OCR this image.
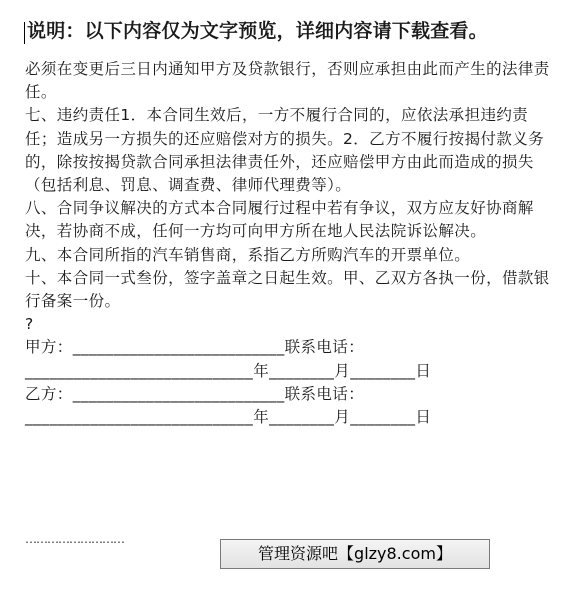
说明：以下内容仅为文字预览，详细内容请下载查看。

必须在变更后三日内通知甲方及贷款银行，否则应承担由此而产生的法律责任。

七、违约责任1．本合同生效后，一方不履行合同的，应依法承担违约责任；造成另一方损失的还应赔偿对方的损失。2．乙方不履行按揭付款义务的，除按按揭贷款合同承担法律责任外，还应赔偿甲方由此而造成的损失（包括利息、罚息、调查费、律师代理费等）。

八、合同争议解决的方式本合同履行过程中若有争议，双方应友好协商解决，若协商不成，任何一方均可向甲方所在地人民法院诉讼解决。

九、本合同所指的汽车销售商，系指乙方所购汽车的开票单位。

十、本合同一式叁份，签字盖章之日起生效。甲、乙双方各执一份，借款银行备案一份。

?

甲方：__________________________联系电话：

____________________________年________月________日

乙方：__________________________联系电话：

____________________________年________月________日

………………………
管理资源吧【glzy8.com】
